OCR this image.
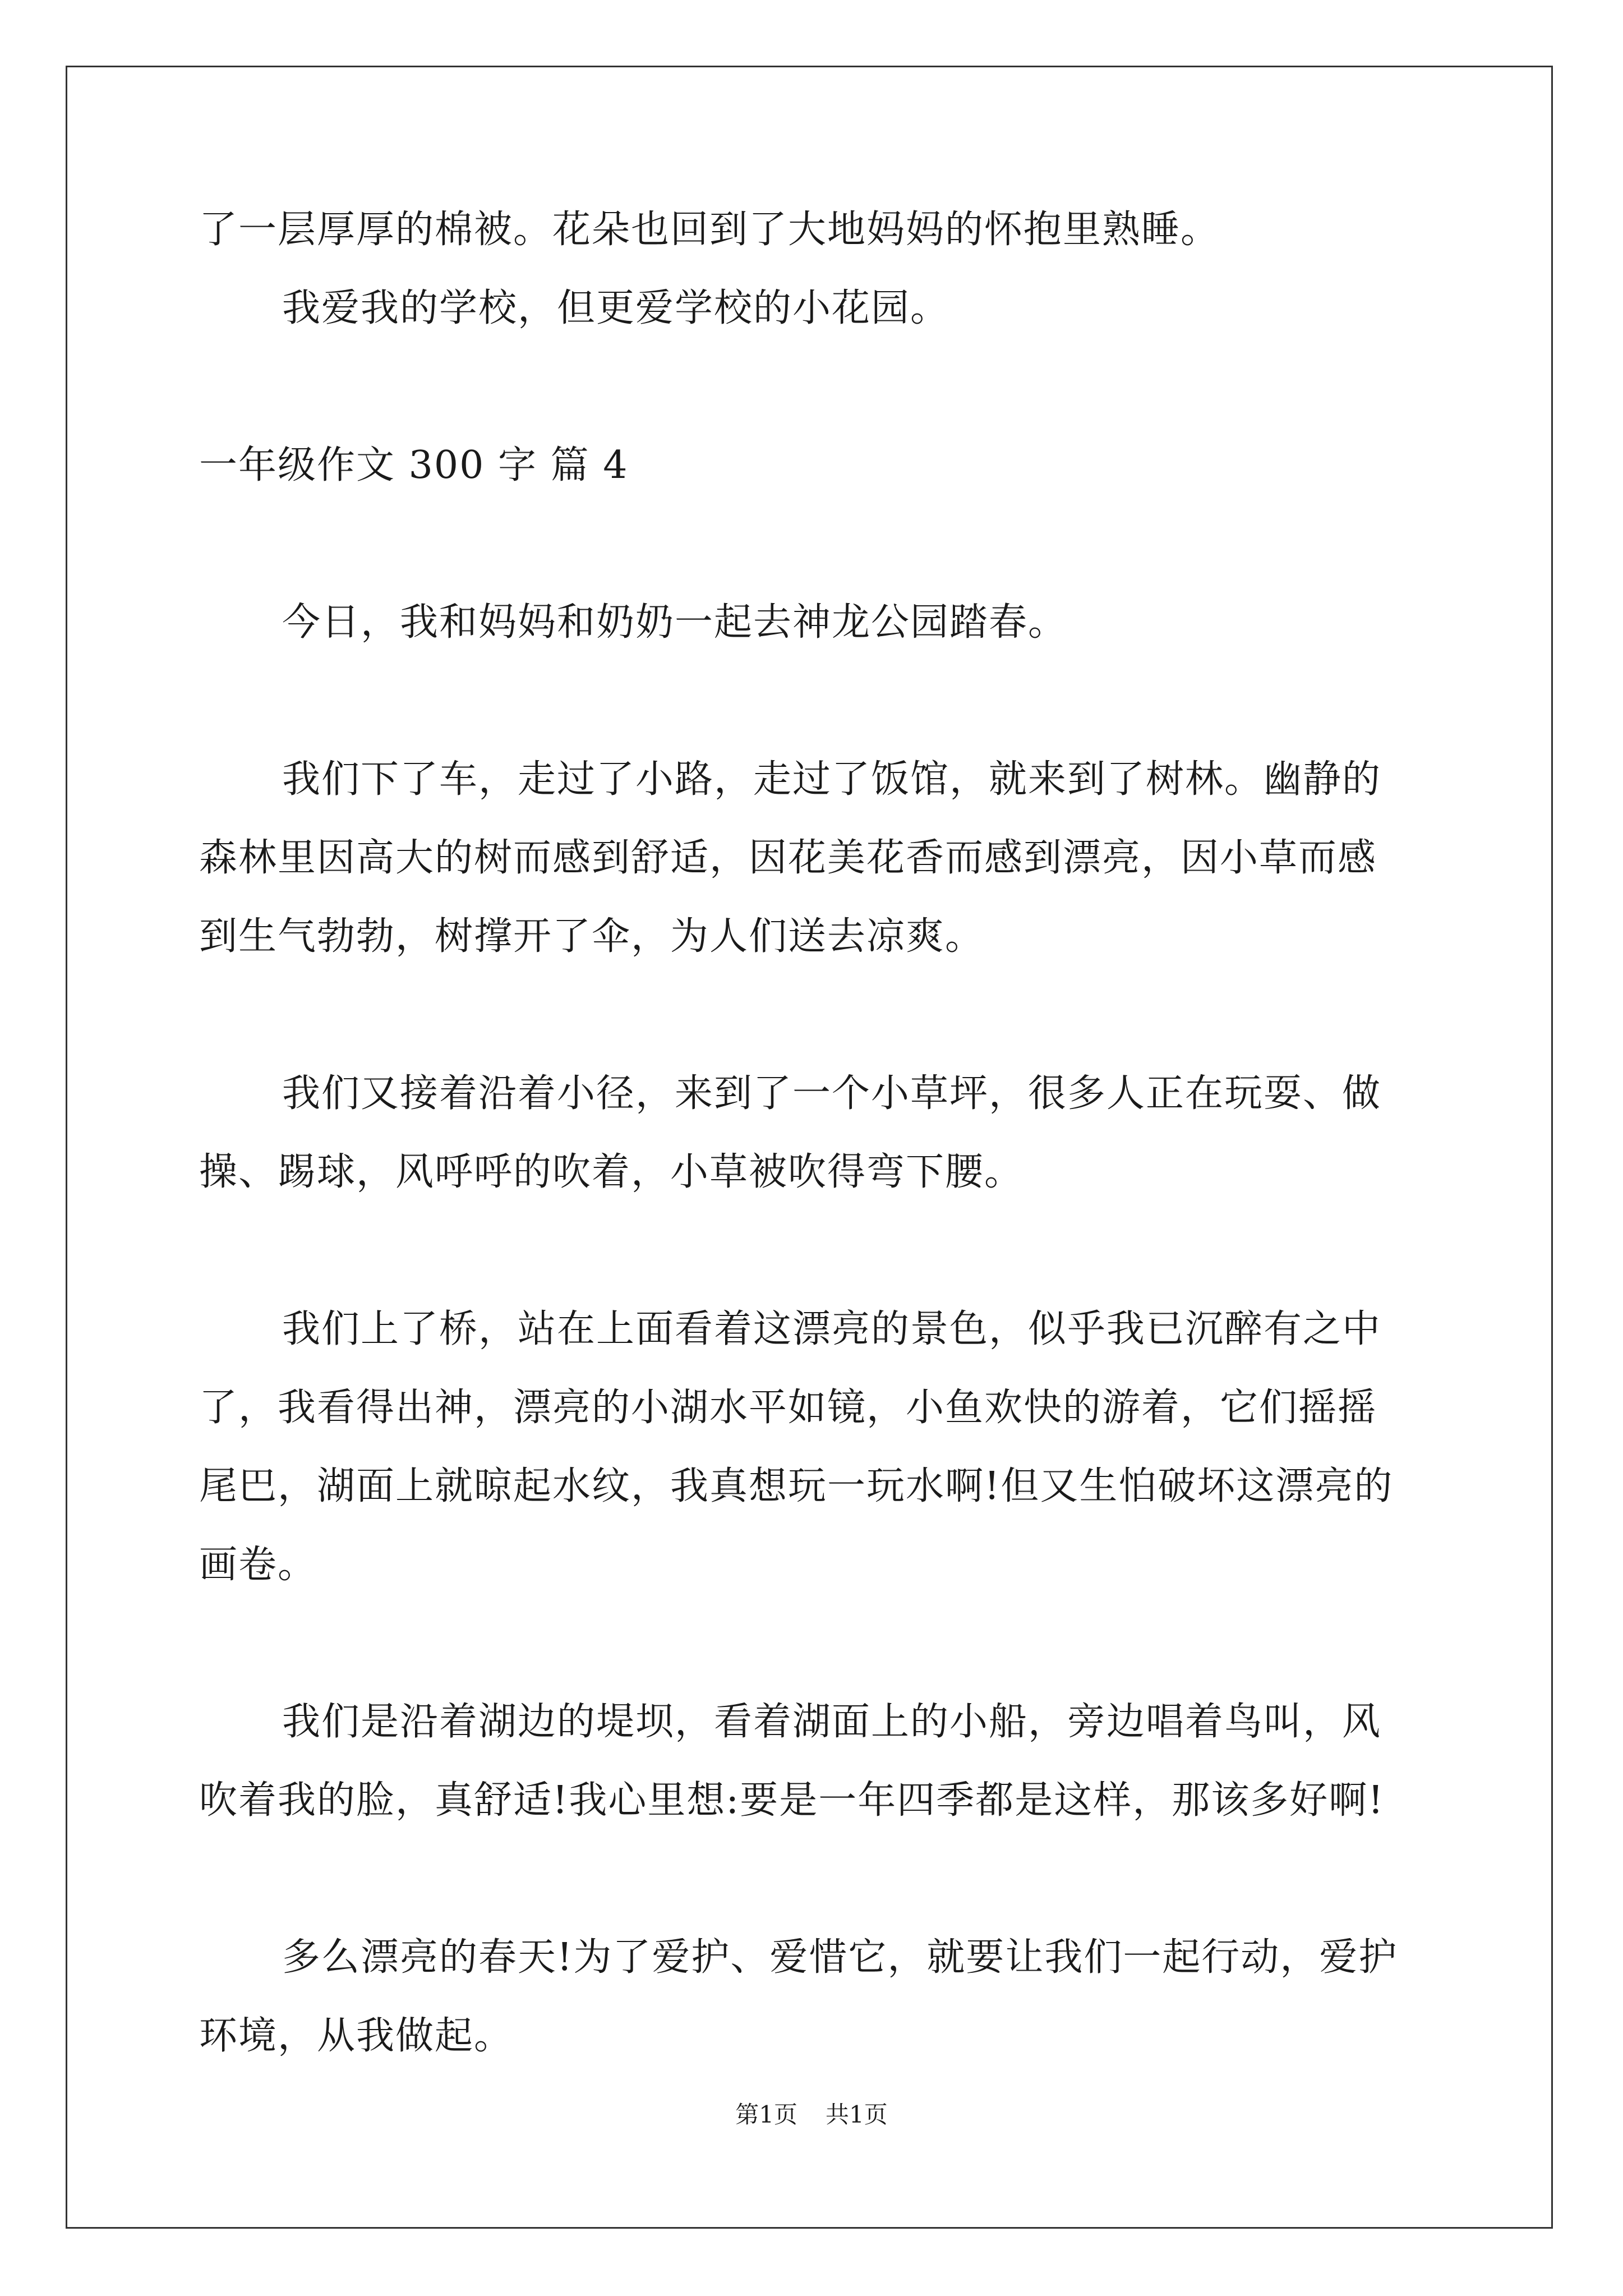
了一层厚厚的棉被。花朵也回到了大地妈妈的怀抱里熟睡。
我爱我的学校，但更爱学校的小花园。
一年级作文 300 字 篇 4
今日，我和妈妈和奶奶一起去神龙公园踏春。
我们下了车，走过了小路，走过了饭馆，就来到了树林。幽静的
森林里因高大的树而感到舒适，因花美花香而感到漂亮，因小草而感
到生气勃勃，树撑开了伞，为人们送去凉爽。
我们又接着沿着小径，来到了一个小草坪，很多人正在玩耍、做
操、踢球，风呼呼的吹着，小草被吹得弯下腰。
我们上了桥，站在上面看着这漂亮的景色，似乎我已沉醉有之中
了，我看得出神，漂亮的小湖水平如镜，小鱼欢快的游着，它们摇摇
尾巴，湖面上就晾起水纹，我真想玩一玩水啊!但又生怕破坏这漂亮的
画卷。
我们是沿着湖边的堤坝，看着湖面上的小船，旁边唱着鸟叫，风
吹着我的脸，真舒适!我心里想:要是一年四季都是这样，那该多好啊!
多么漂亮的春天!为了爱护、爱惜它，就要让我们一起行动，爱护
环境，从我做起。
第1页 共1页
